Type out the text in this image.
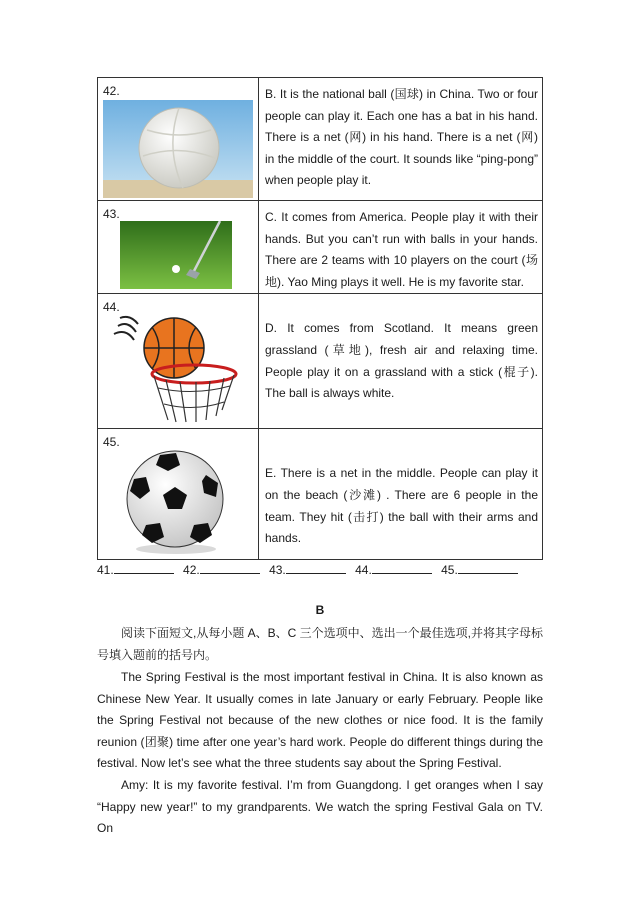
42.	B. It is the national ball (国球) in China. Two or four people can play it. Each one has a bat in his hand. There is a net (网) in his hand. There is a net (网) in the middle of the court. It sounds like “ping-pong” when people play it.

43.	C. It comes from America. People play it with their hands. But you can’t run with balls in your hands. There are 2 teams with 10 players on the court (场地). Yao Ming plays it well. He is my favorite star.

44.	D. It comes from Scotland. It means green grassland (草地), fresh air and relaxing time. People play it on a grassland with a stick (棍子). The ball is always white.

45.	E. There is a net in the middle. People can play it on the beach (沙滩) . There are 6 people in the team. They hit (击打) the ball with their arms and hands.
41.	42.	43.	44.	45.
B
阅读下面短文,从每小题 A、B、C 三个选项中、选出一个最佳选项,并将其字母标号填入题前的括号内。
The Spring Festival is the most important festival in China. It is also known as Chinese New Year. It usually comes in late January or early February. People like the Spring Festival not because of the new clothes or nice food. It is the family reunion (团聚) time after one year’s hard work. People do different things during the festival. Now let’s see what the three students say about the Spring Festival.
Amy: It is my favorite festival. I’m from Guangdong. I get oranges when I say “Happy new year!” to my grandparents. We watch the spring Festival Gala on TV. On
